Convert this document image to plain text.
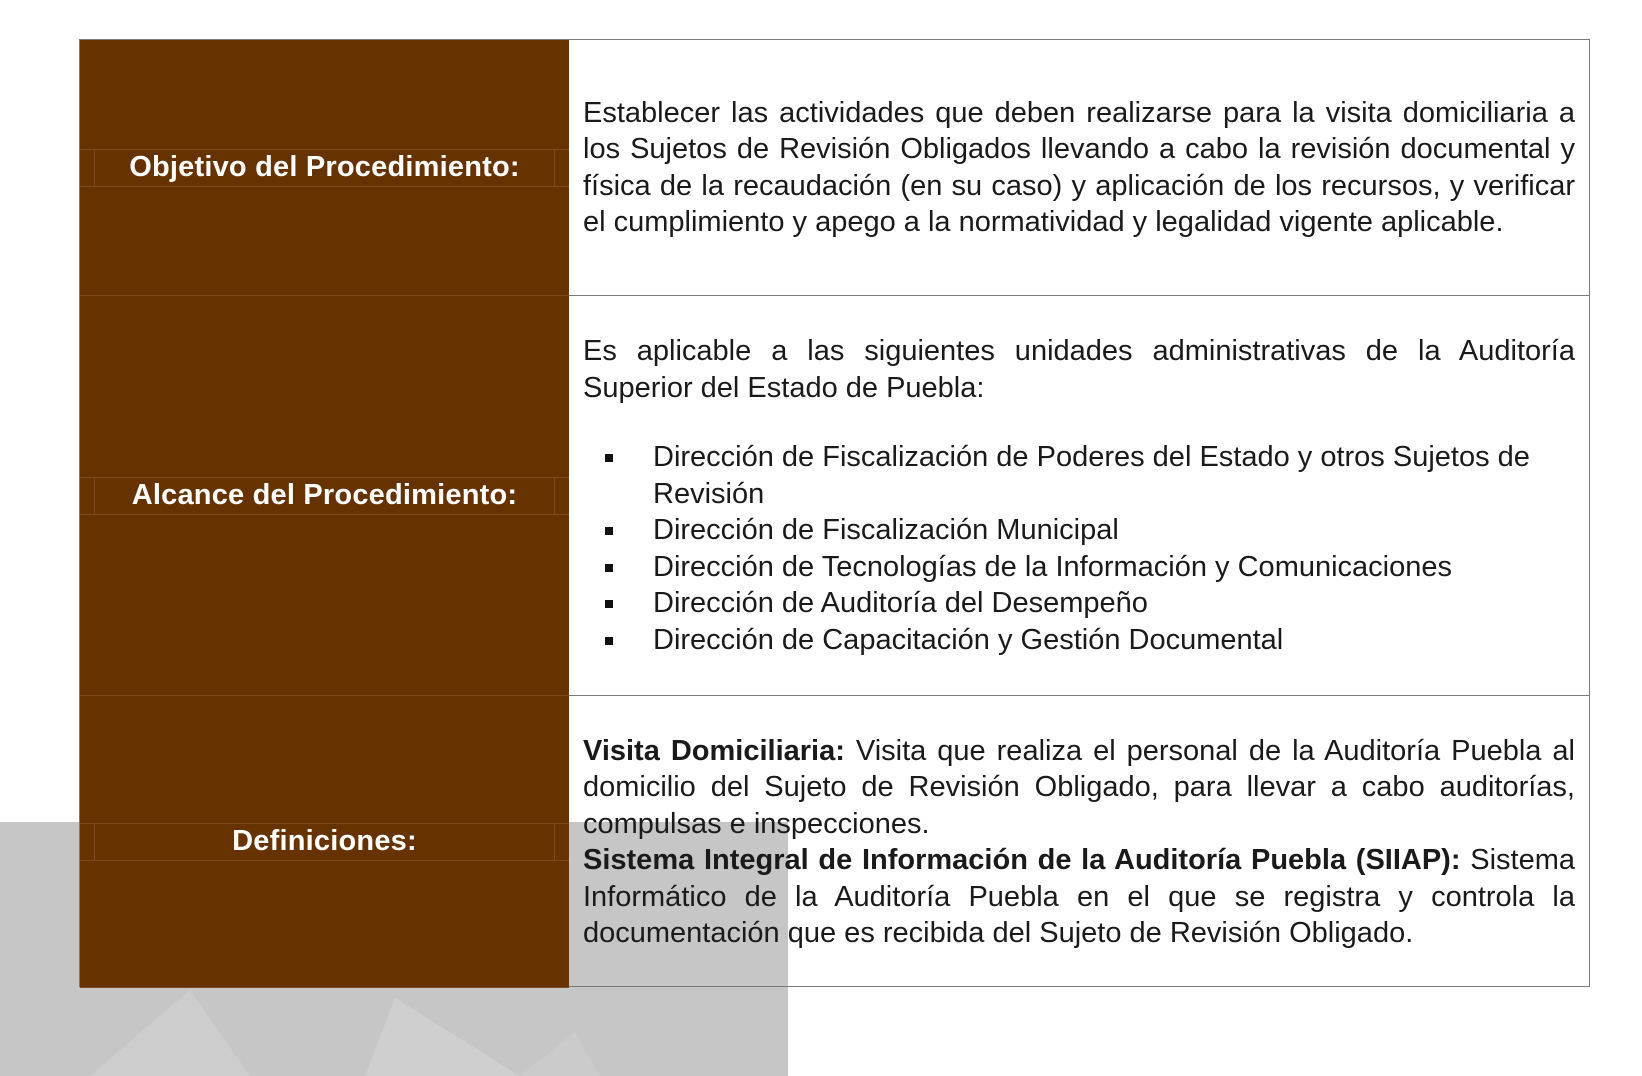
Objetivo del Procedimiento:

Establecer las actividades que deben realizarse para la visita domiciliaria a los Sujetos de Revisión Obligados llevando a cabo la revisión documental y física de la recaudación (en su caso) y aplicación de los recursos, y verificar el cumplimiento y apego a la normatividad y legalidad vigente aplicable.

Alcance del Procedimiento:

Es aplicable a las siguientes unidades administrativas de la Auditoría Superior del Estado de Puebla:

Dirección de Fiscalización de Poderes del Estado y otros Sujetos de Revisión
Dirección de Fiscalización Municipal
Dirección de Tecnologías de la Información y Comunicaciones
Dirección de Auditoría del Desempeño
Dirección de Capacitación y Gestión Documental
Definiciones:

Visita Domiciliaria: Visita que realiza el personal de la Auditoría Puebla al domicilio del Sujeto de Revisión Obligado, para llevar a cabo auditorías, compulsas e inspecciones.

Sistema Integral de Información de la Auditoría Puebla (SIIAP): Sistema Informático de la Auditoría Puebla en el que se registra y controla la documentación que es recibida del Sujeto de Revisión Obligado.
